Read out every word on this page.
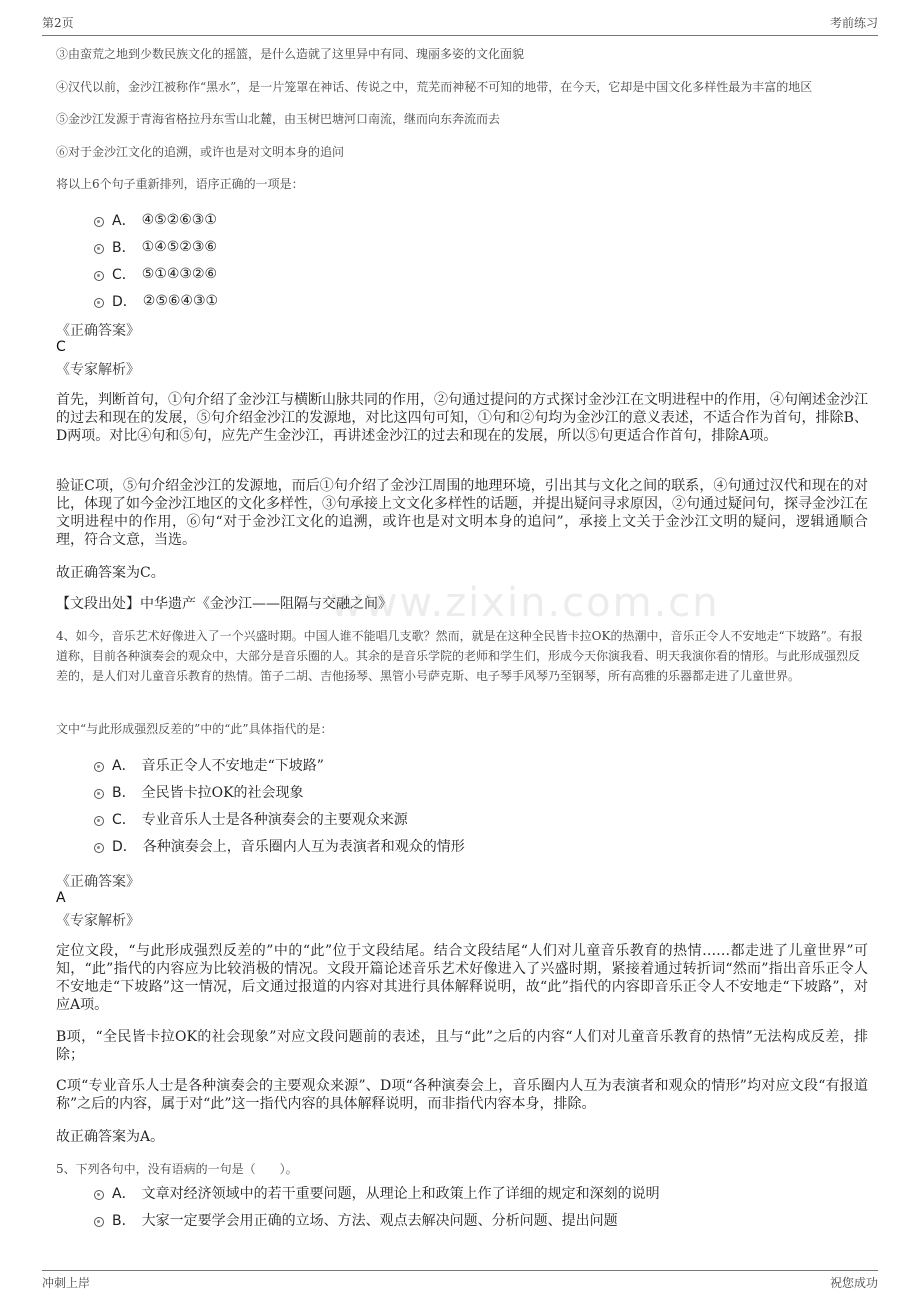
第2页	考前练习
www.zixin.com.cn
③由蛮荒之地到少数民族文化的摇篮，是什么造就了这里异中有同、瑰丽多姿的文化面貌
④汉代以前，金沙江被称作“黑水”，是一片笼罩在神话、传说之中，荒芜而神秘不可知的地带，在今天，它却是中国文化多样性最为丰富的地区
⑤金沙江发源于青海省格拉丹东雪山北麓，由玉树巴塘河口南流，继而向东奔流而去
⑥对于金沙江文化的追溯，或许也是对文明本身的追问
将以上6个句子重新排列，语序正确的一项是：
A． ④⑤②⑥③①
B． ①④⑤②③⑥
C． ⑤①④③②⑥
D． ②⑤⑥④③①
《正确答案》
C
《专家解析》
首先，判断首句，①句介绍了金沙江与横断山脉共同的作用，②句通过提问的方式探讨金沙江在文明进程中的作用，④句阐述金沙江的过去和现在的发展，⑤句介绍金沙江的发源地，对比这四句可知，①句和②句均为金沙江的意义表述，不适合作为首句，排除B、D两项。对比④句和⑤句，应先产生金沙江，再讲述金沙江的过去和现在的发展，所以⑤句更适合作首句，排除A项。
验证C项，⑤句介绍金沙江的发源地，而后①句介绍了金沙江周围的地理环境，引出其与文化之间的联系，④句通过汉代和现在的对比，体现了如今金沙江地区的文化多样性，③句承接上文文化多样性的话题，并提出疑问寻求原因，②句通过疑问句，探寻金沙江在文明进程中的作用，⑥句“对于金沙江文化的追溯，或许也是对文明本身的追问”，承接上文关于金沙江文明的疑问，逻辑通顺合理，符合文意，当选。
故正确答案为C。
【文段出处】中华遗产《金沙江——阻隔与交融之间》
4、如今，音乐艺术好像进入了一个兴盛时期。中国人谁不能唱几支歌？然而，就是在这种全民皆卡拉OK的热潮中，音乐正令人不安地走“下坡路”。有报道称，目前各种演奏会的观众中，大部分是音乐圈的人。其余的是音乐学院的老师和学生们，形成今天你演我看、明天我演你看的情形。与此形成强烈反差的，是人们对儿童音乐教育的热情。笛子二胡、吉他扬琴、黑管小号萨克斯、电子琴手风琴乃至钢琴，所有高雅的乐器都走进了儿童世界。
文中“与此形成强烈反差的”中的“此”具体指代的是：
A． 音乐正令人不安地走“下坡路”
B． 全民皆卡拉OK的社会现象
C． 专业音乐人士是各种演奏会的主要观众来源
D． 各种演奏会上，音乐圈内人互为表演者和观众的情形
《正确答案》
A
《专家解析》
定位文段，“与此形成强烈反差的”中的“此”位于文段结尾。结合文段结尾“人们对儿童音乐教育的热情……都走进了儿童世界”可知，“此”指代的内容应为比较消极的情况。文段开篇论述音乐艺术好像进入了兴盛时期，紧接着通过转折词“然而”指出音乐正令人不安地走“下坡路”这一情况，后文通过报道的内容对其进行具体解释说明，故“此”指代的内容即音乐正令人不安地走“下坡路”，对应A项。
B项，“全民皆卡拉OK的社会现象”对应文段问题前的表述，且与“此”之后的内容“人们对儿童音乐教育的热情”无法构成反差，排除；
C项“专业音乐人士是各种演奏会的主要观众来源”、D项“各种演奏会上，音乐圈内人互为表演者和观众的情形”均对应文段“有报道称”之后的内容，属于对“此”这一指代内容的具体解释说明，而非指代内容本身，排除。
故正确答案为A。
5、下列各句中，没有语病的一句是（　　）。
A． 文章对经济领域中的若干重要问题，从理论上和政策上作了详细的规定和深刻的说明
B． 大家一定要学会用正确的立场、方法、观点去解决问题、分析问题、提出问题
冲刺上岸	祝您成功
